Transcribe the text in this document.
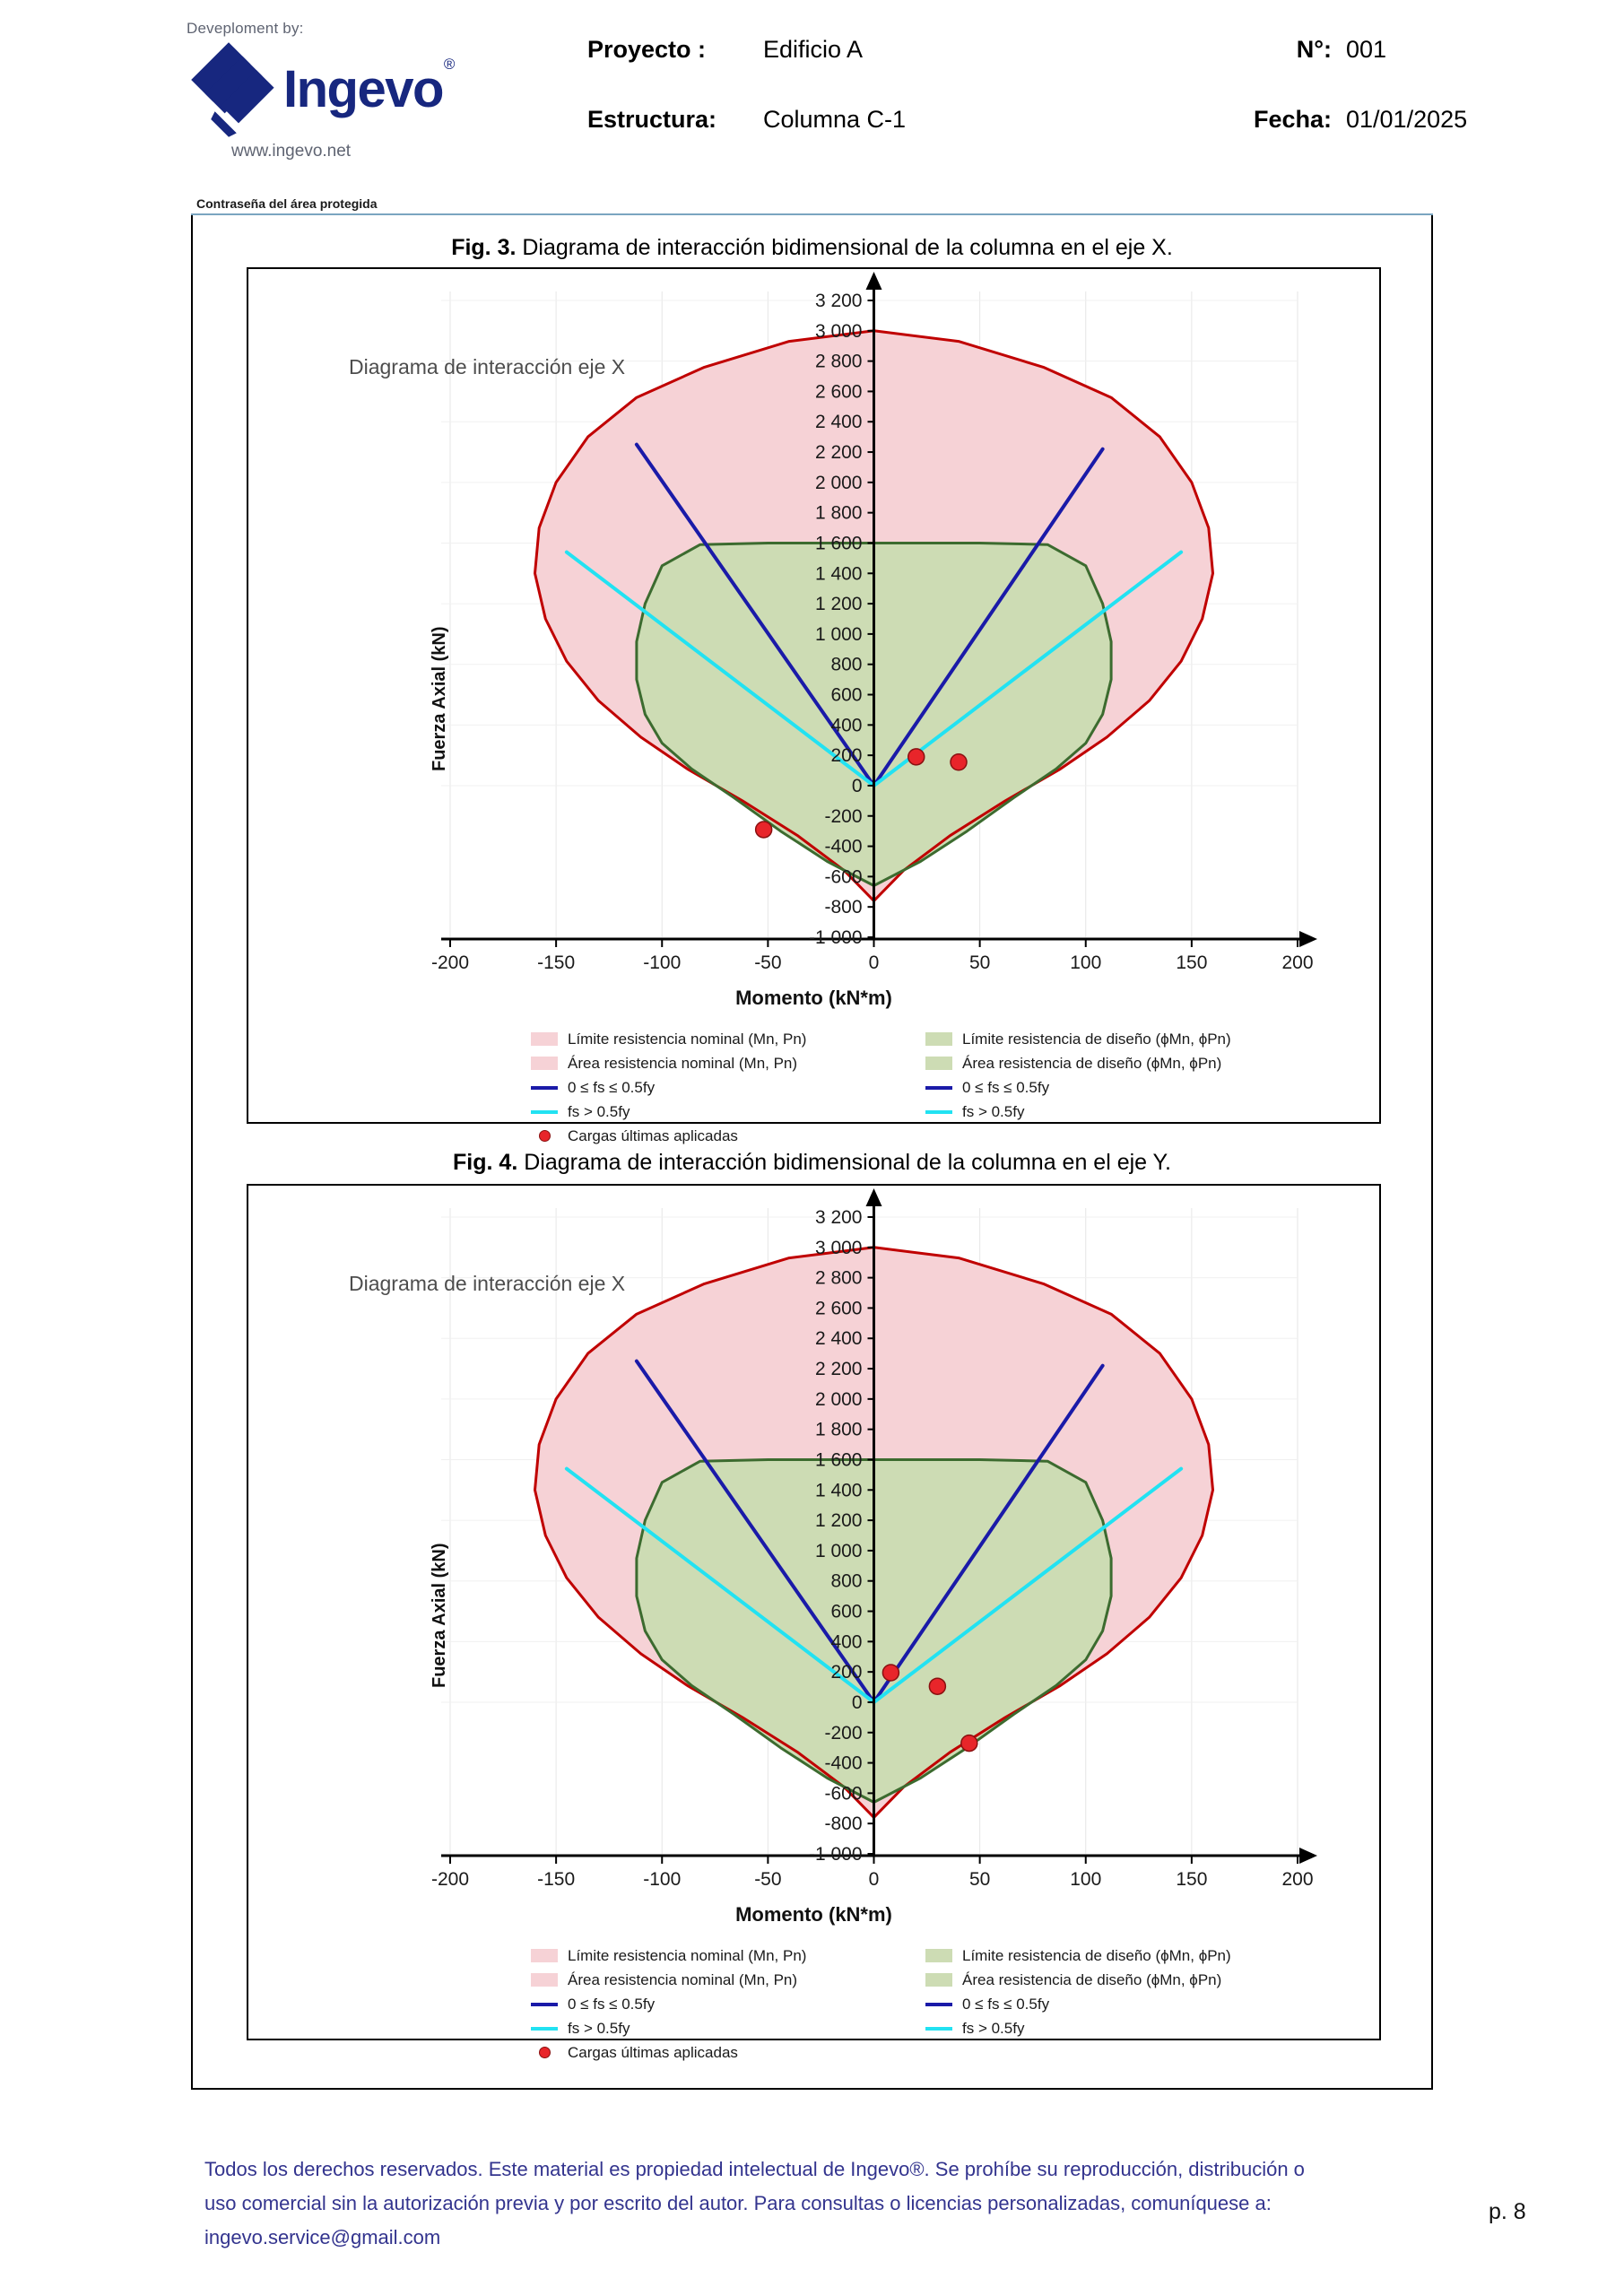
Deveploment by:
Ingevo®
www.ingevo.net
Proyecto :	Edificio A	N°: 001
Estructura:	Columna C-1	Fecha: 01/01/2025
Contraseña del área protegida
Fig. 3. Diagrama de interacción bidimensional de la columna en el eje X.
-1 000
-800
-600
-400
-200
0
200
400
600
800
1 000
1 200
1 400
1 600
1 800
2 000
2 200
2 400
2 600
2 800
3 000
3 200
-200	-150	-100	-50	0	50	100	150	200
Diagrama de interacción eje X
Fuerza Axial (kN)
Momento (kN*m)
Límite resistencia nominal (Mn, Pn)	Límite resistencia de diseño (ϕMn, ϕPn)
Área resistencia nominal (Mn, Pn)	Área resistencia de diseño (ϕMn, ϕPn)
0 ≤ fs ≤ 0.5fy	0 ≤ fs ≤ 0.5fy
fs > 0.5fy	fs > 0.5fy
Cargas últimas aplicadas
Fig. 4. Diagrama de interacción bidimensional de la columna en el eje Y.
-1 000
-800
-600
-400
-200
0
200
400
600
800
1 000
1 200
1 400
1 600
1 800
2 000
2 200
2 400
2 600
2 800
3 000
3 200
-200	-150	-100	-50	0	50	100	150	200
Diagrama de interacción eje X
Fuerza Axial (kN)
Momento (kN*m)
Límite resistencia nominal (Mn, Pn)	Límite resistencia de diseño (ϕMn, ϕPn)
Área resistencia nominal (Mn, Pn)	Área resistencia de diseño (ϕMn, ϕPn)
0 ≤ fs ≤ 0.5fy	0 ≤ fs ≤ 0.5fy
fs > 0.5fy	fs > 0.5fy
Cargas últimas aplicadas

Todos los derechos reservados. Este material es propiedad intelectual de Ingevo®. Se prohíbe su reproducción, distribución o

uso comercial sin la autorización previa y por escrito del autor. Para consultas o licencias personalizadas, comuníquese a:

ingevo.service@gmail.com

p. 8
